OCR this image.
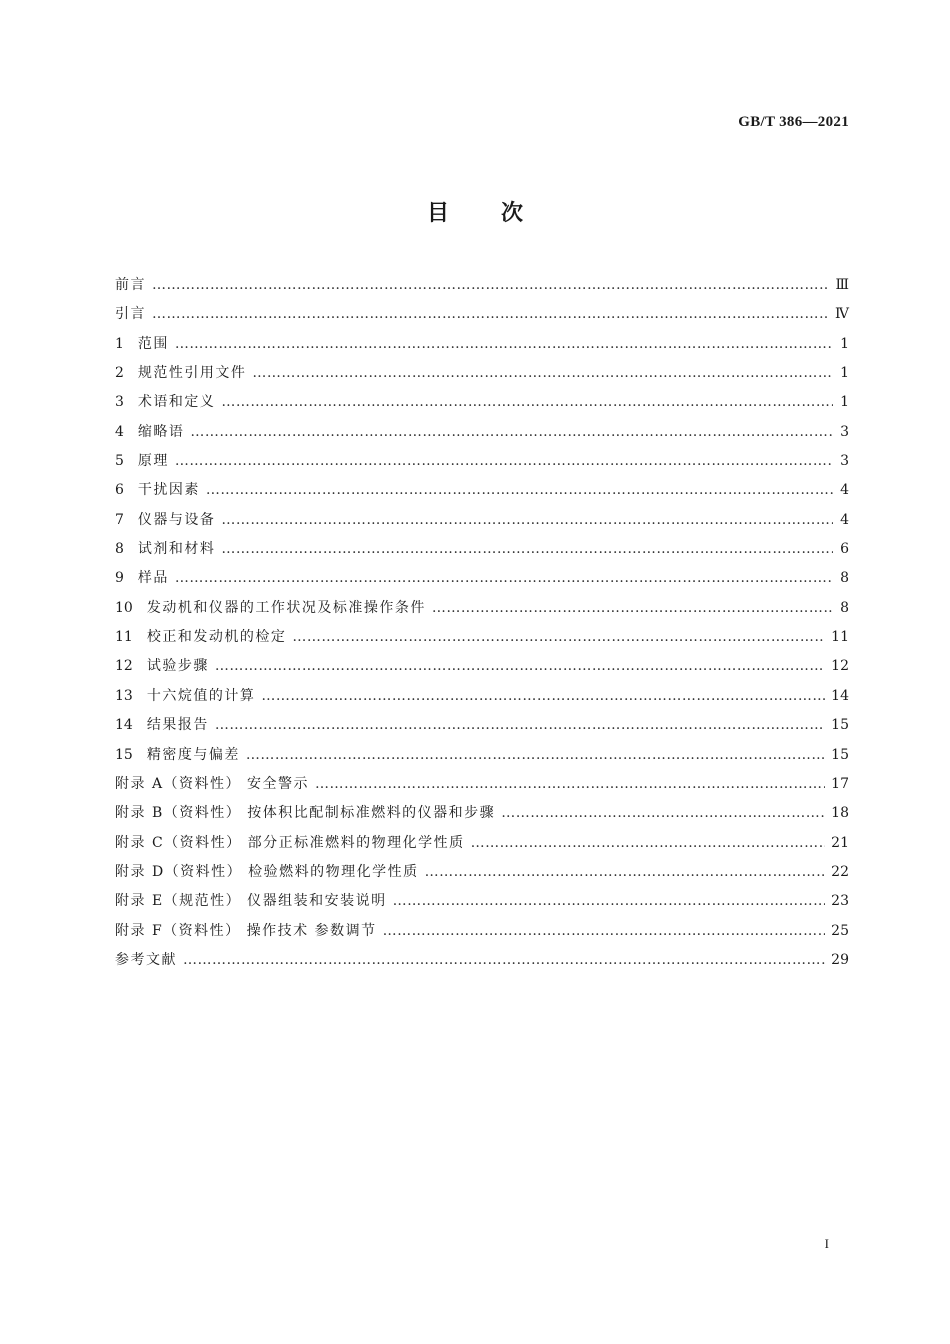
GB/T 386—2021
目次
前言 ……………………………………………………………………………………………………………………………………………………………………………………………………………………………………………………………………………………	Ⅲ
引言 ……………………………………………………………………………………………………………………………………………………………………………………………………………………………………………………………………………………	Ⅳ
1 范围 ……………………………………………………………………………………………………………………………………………………………………………………………………………………………………………………………………………………	1
2 规范性引用文件 ……………………………………………………………………………………………………………………………………………………………………………………………………………………………………………………………………………………	1
3 术语和定义 ……………………………………………………………………………………………………………………………………………………………………………………………………………………………………………………………………………………	1
4 缩略语 ……………………………………………………………………………………………………………………………………………………………………………………………………………………………………………………………………………………	3
5 原理 ……………………………………………………………………………………………………………………………………………………………………………………………………………………………………………………………………………………	3
6 干扰因素 ……………………………………………………………………………………………………………………………………………………………………………………………………………………………………………………………………………………	4
7 仪器与设备 ……………………………………………………………………………………………………………………………………………………………………………………………………………………………………………………………………………………	4
8 试剂和材料 ……………………………………………………………………………………………………………………………………………………………………………………………………………………………………………………………………………………	6
9 样品 ……………………………………………………………………………………………………………………………………………………………………………………………………………………………………………………………………………………	8
10 发动机和仪器的工作状况及标准操作条件 ……………………………………………………………………………………………………………………………………………………………………………………………………………………………………………………………………………………	8
11 校正和发动机的检定 ……………………………………………………………………………………………………………………………………………………………………………………………………………………………………………………………………………………	11
12 试验步骤 ……………………………………………………………………………………………………………………………………………………………………………………………………………………………………………………………………………………	12
13 十六烷值的计算 ……………………………………………………………………………………………………………………………………………………………………………………………………………………………………………………………………………………	14
14 结果报告 ……………………………………………………………………………………………………………………………………………………………………………………………………………………………………………………………………………………	15
15 精密度与偏差 ……………………………………………………………………………………………………………………………………………………………………………………………………………………………………………………………………………………	15
附录 A（资料性） 安全警示 ……………………………………………………………………………………………………………………………………………………………………………………………………………………………………………………………………………………	17
附录 B（资料性） 按体积比配制标准燃料的仪器和步骤 ……………………………………………………………………………………………………………………………………………………………………………………………………………………………………………………………………………………	18
附录 C（资料性） 部分正标准燃料的物理化学性质 ……………………………………………………………………………………………………………………………………………………………………………………………………………………………………………………………………………………	21
附录 D（资料性） 检验燃料的物理化学性质 ……………………………………………………………………………………………………………………………………………………………………………………………………………………………………………………………………………………	22
附录 E（规范性） 仪器组装和安装说明 ……………………………………………………………………………………………………………………………………………………………………………………………………………………………………………………………………………………	23
附录 F（资料性） 操作技术 参数调节 ……………………………………………………………………………………………………………………………………………………………………………………………………………………………………………………………………………………	25
参考文献 ……………………………………………………………………………………………………………………………………………………………………………………………………………………………………………………………………………………	29
I
